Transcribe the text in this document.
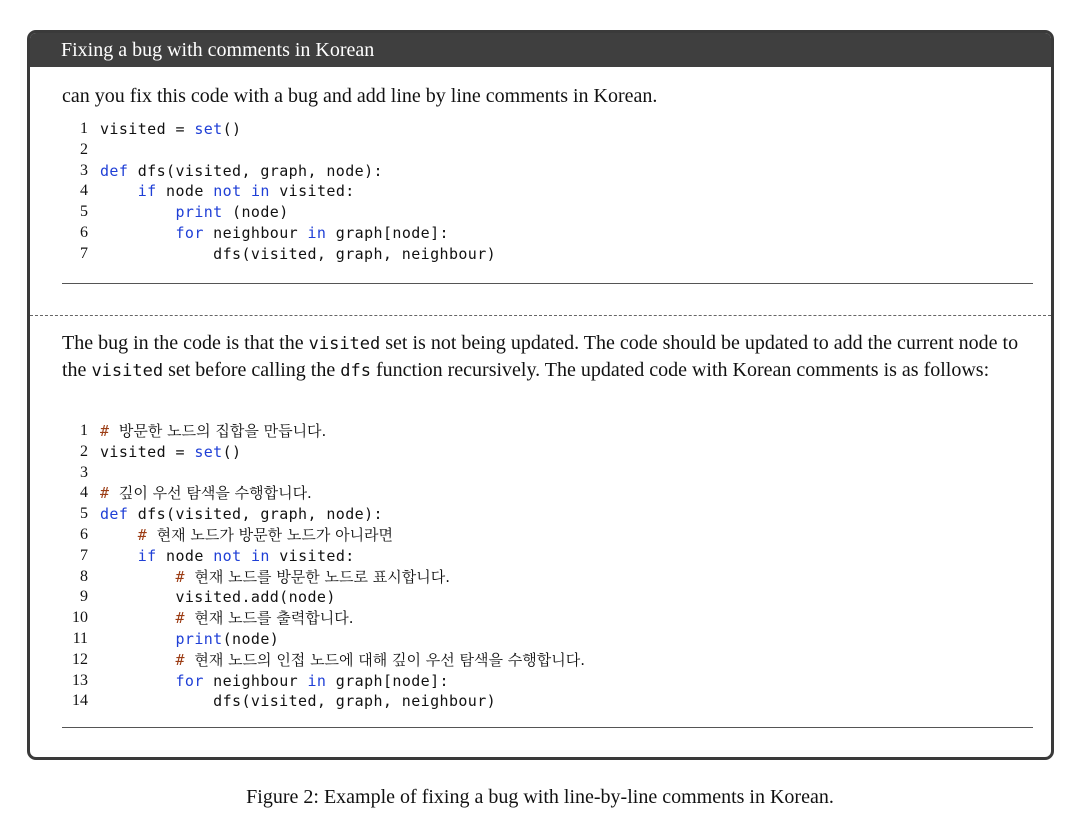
Fixing a bug with comments in Korean
can you fix this code with a bug and add line by line comments in Korean.
1 visited = set()
2
3 def dfs(visited, graph, node):
4	if node not in visited:
5	print (node)
6	for neighbour in graph[node]:
7 dfs(visited, graph, neighbour)
The bug in the code is that the visited set is not being updated. The code should be updated to add the current node to the visited set before calling the dfs function recursively. The updated code with Korean comments is as follows:
1 # 방문한 노드의 집합을 만듭니다.
2 visited = set()
3
4 # 깊이 우선 탐색을 수행합니다.
5 def dfs(visited, graph, node):
6	# 현재 노드가 방문한 노드가 아니라면
7	if node not in visited:
8	# 현재 노드를 방문한 노드로 표시합니다.
9 visited.add(node)
10	# 현재 노드를 출력합니다.
11	print(node)
12	# 현재 노드의 인접 노드에 대해 깊이 우선 탐색을 수행합니다.
13	for neighbour in graph[node]:
14 dfs(visited, graph, neighbour)
Figure 2: Example of fixing a bug with line-by-line comments in Korean.
